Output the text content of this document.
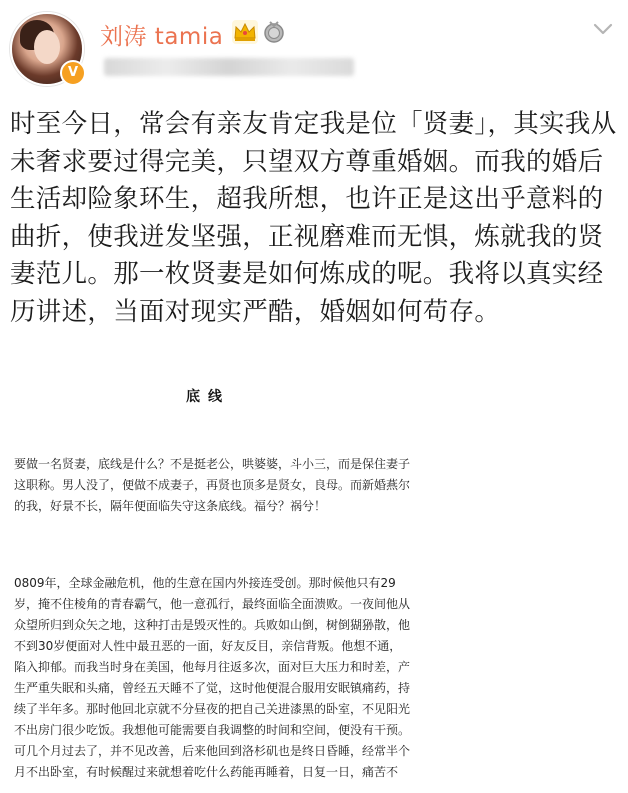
V
刘涛 tamia

时至今日，常会有亲友肯定我是位「贤妻」，其实我从未奢求要过得完美，只望双方尊重婚姻。而我的婚后生活却险象环生，超我所想，也许正是这出乎意料的曲折，使我迸发坚强，正视磨难而无惧，炼就我的贤妻范儿。那一枚贤妻是如何炼成的呢。我将以真实经历讲述，当面对现实严酷，婚姻如何苟存。

底线

要做一名贤妻，底线是什么？不是挺老公，哄婆婆，斗小三，而是保住妻子这职称。男人没了，便做不成妻子，再贤也顶多是贤女，良母。而新婚燕尔的我，好景不长，隔年便面临失守这条底线。福兮？祸兮！

0809年，全球金融危机，他的生意在国内外接连受创。那时候他只有29岁，掩不住棱角的青春霸气，他一意孤行，最终面临全面溃败。一夜间他从众望所归到众矢之地，这种打击是毁灭性的。兵败如山倒，树倒猢狲散，他不到30岁便面对人性中最丑恶的一面，好友反目，亲信背叛。他想不通，陷入抑郁。而我当时身在美国，他每月往返多次，面对巨大压力和时差，产生严重失眠和头痛，曾经五天睡不了觉，这时他便混合服用安眠镇痛药，持续了半年多。那时他回北京就不分昼夜的把自己关进漆黑的卧室，不见阳光不出房门很少吃饭。我想他可能需要自我调整的时间和空间，便没有干预。可几个月过去了，并不见改善，后来他回到洛杉矶也是终日昏睡，经常半个月不出卧室，有时候醒过来就想着吃什么药能再睡着，日复一日，痛苦不
